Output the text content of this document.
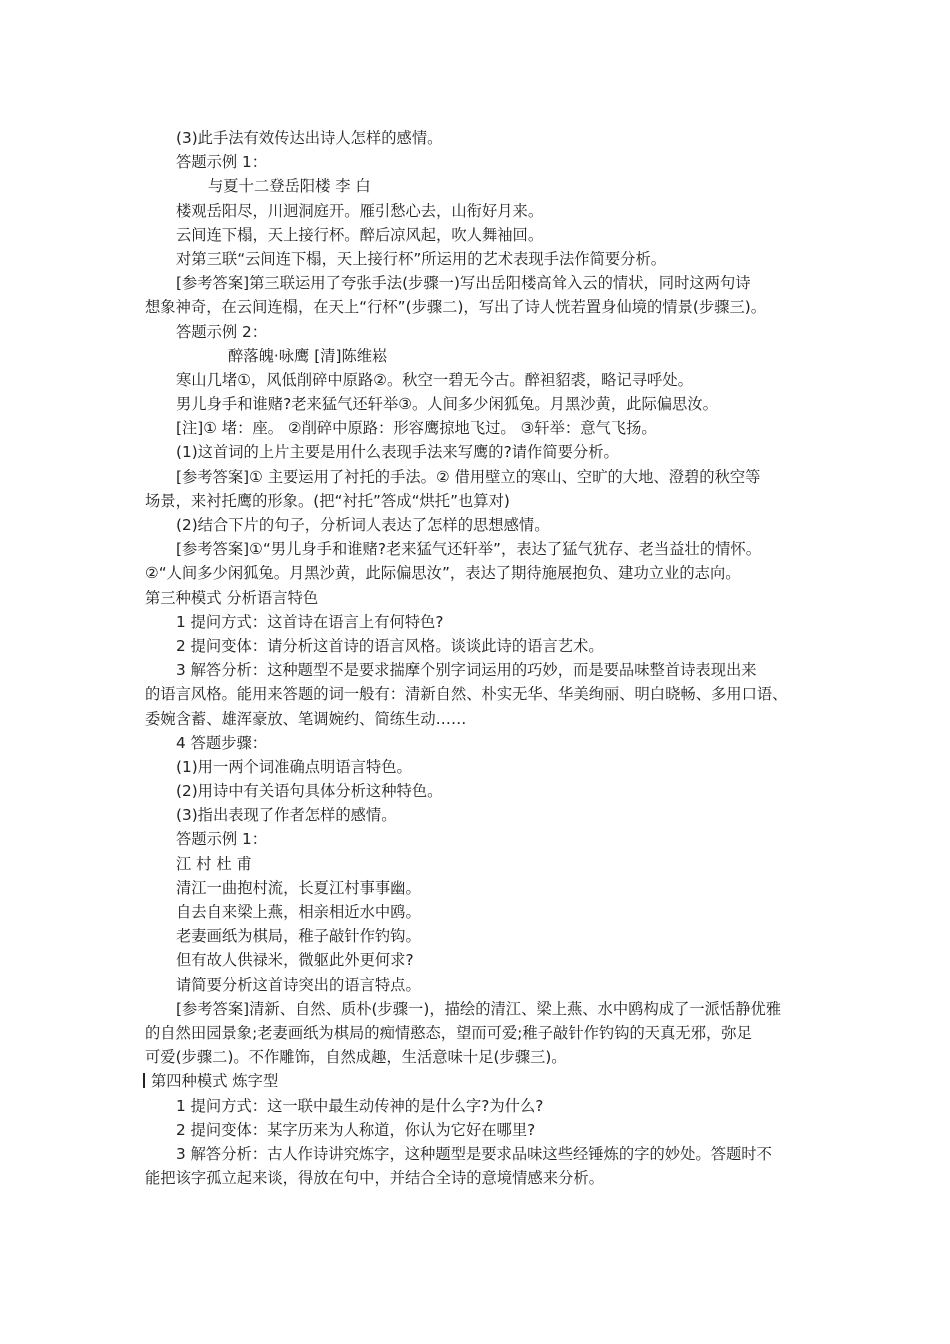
(3)此手法有效传达出诗人怎样的感情。
答题示例 1：
与夏十二登岳阳楼 李 白
楼观岳阳尽，川迥洞庭开。雁引愁心去，山衔好月来。
云间连下榻，天上接行杯。醉后凉风起，吹人舞袖回。
对第三联“云间连下榻，天上接行杯”所运用的艺术表现手法作简要分析。
[参考答案]第三联运用了夸张手法(步骤一)写出岳阳楼高耸入云的情状，同时这两句诗
想象神奇，在云间连榻，在天上“行杯”(步骤二)，写出了诗人恍若置身仙境的情景(步骤三)。
答题示例 2：
醉落魄·咏鹰 [清]陈维崧
寒山几堵①，风低削碎中原路②。秋空一碧无今古。醉袒貂裘，略记寻呼处。
男儿身手和谁赌?老来猛气还轩举③。人间多少闲狐兔。月黑沙黄，此际偏思汝。
[注]① 堵：座。 ②削碎中原路：形容鹰掠地飞过。 ③轩举：意气飞扬。
(1)这首词的上片主要是用什么表现手法来写鹰的?请作简要分析。
[参考答案]① 主要运用了衬托的手法。② 借用壁立的寒山、空旷的大地、澄碧的秋空等
场景，来衬托鹰的形象。(把“衬托”答成“烘托”也算对)
(2)结合下片的句子，分析词人表达了怎样的思想感情。
[参考答案]①“男儿身手和谁赌?老来猛气还轩举”，表达了猛气犹存、老当益壮的情怀。
②“人间多少闲狐兔。月黑沙黄，此际偏思汝”，表达了期待施展抱负、建功立业的志向。
第三种模式 分析语言特色
1 提问方式：这首诗在语言上有何特色?
2 提问变体：请分析这首诗的语言风格。谈谈此诗的语言艺术。
3 解答分析：这种题型不是要求揣摩个别字词运用的巧妙，而是要品味整首诗表现出来
的语言风格。能用来答题的词一般有：清新自然、朴实无华、华美绚丽、明白晓畅、多用口语、
委婉含蓄、雄浑豪放、笔调婉约、简练生动……
4 答题步骤：
(1)用一两个词准确点明语言特色。
(2)用诗中有关语句具体分析这种特色。
(3)指出表现了作者怎样的感情。
答题示例 1：
江 村 杜 甫
清江一曲抱村流，长夏江村事事幽。
自去自来梁上燕，相亲相近水中鸥。
老妻画纸为棋局，稚子敲针作钓钩。
但有故人供禄米，微躯此外更何求?
请简要分析这首诗突出的语言特点。
[参考答案]清新、自然、质朴(步骤一)，描绘的清江、梁上燕、水中鸥构成了一派恬静优雅
的自然田园景象;老妻画纸为棋局的痴情憨态，望而可爱;稚子敲针作钓钩的天真无邪，弥足
可爱(步骤二)。不作雕饰，自然成趣，生活意味十足(步骤三)。
第四种模式 炼字型
1 提问方式：这一联中最生动传神的是什么字?为什么?
2 提问变体：某字历来为人称道，你认为它好在哪里?
3 解答分析：古人作诗讲究炼字，这种题型是要求品味这些经锤炼的字的妙处。答题时不
能把该字孤立起来谈，得放在句中，并结合全诗的意境情感来分析。
